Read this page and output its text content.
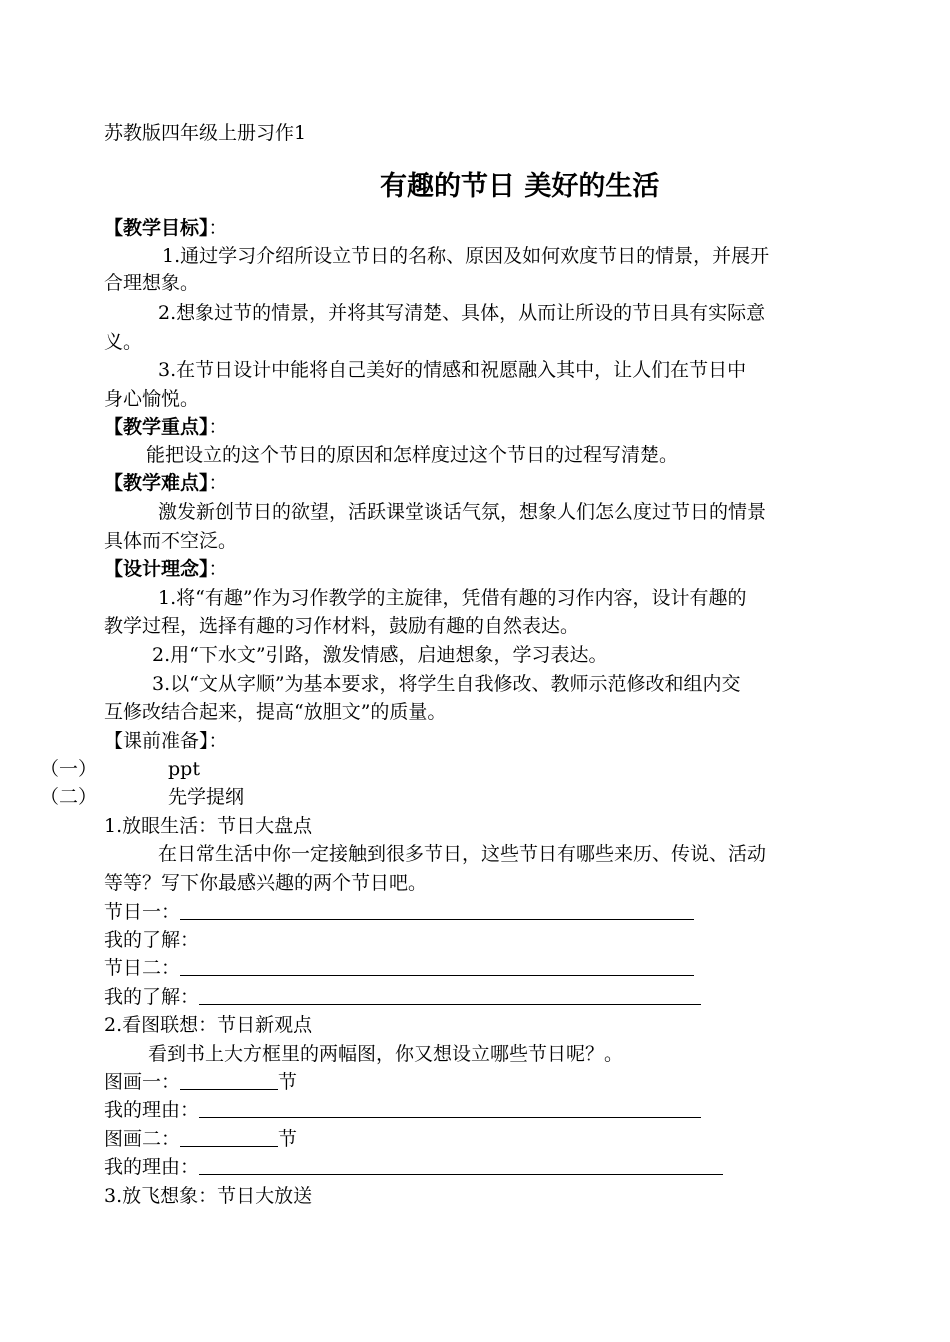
苏教版四年级上册习作1
有趣的节日 美好的生活
【教学目标】：
1.通过学习介绍所设立节日的名称、原因及如何欢度节日的情景，并展开
合理想象。
2.想象过节的情景，并将其写清楚、具体，从而让所设的节日具有实际意
义。
3.在节日设计中能将自己美好的情感和祝愿融入其中，让人们在节日中
身心愉悦。
【教学重点】：
能把设立的这个节日的原因和怎样度过这个节日的过程写清楚。
【教学难点】：
激发新创节日的欲望，活跃课堂谈话气氛，想象人们怎么度过节日的情景
具体而不空泛。
【设计理念】：
1.将“有趣”作为习作教学的主旋律，凭借有趣的习作内容，设计有趣的
教学过程，选择有趣的习作材料，鼓励有趣的自然表达。
2.用“下水文”引路，激发情感，启迪想象，学习表达。
3.以“文从字顺”为基本要求，将学生自我修改、教师示范修改和组内交
互修改结合起来，提高“放胆文”的质量。
【课前准备】：
（一）	ppt
（二）	先学提纲
1.放眼生活：节日大盘点
在日常生活中你一定接触到很多节日，这些节日有哪些来历、传说、活动
等等？写下你最感兴趣的两个节日吧。
节日一：
我的了解：
节日二：
我的了解：
2.看图联想：节日新观点
看到书上大方框里的两幅图，你又想设立哪些节日呢？。
图画一：	节
我的理由：
图画二：	节
我的理由：
3.放飞想象：节日大放送
